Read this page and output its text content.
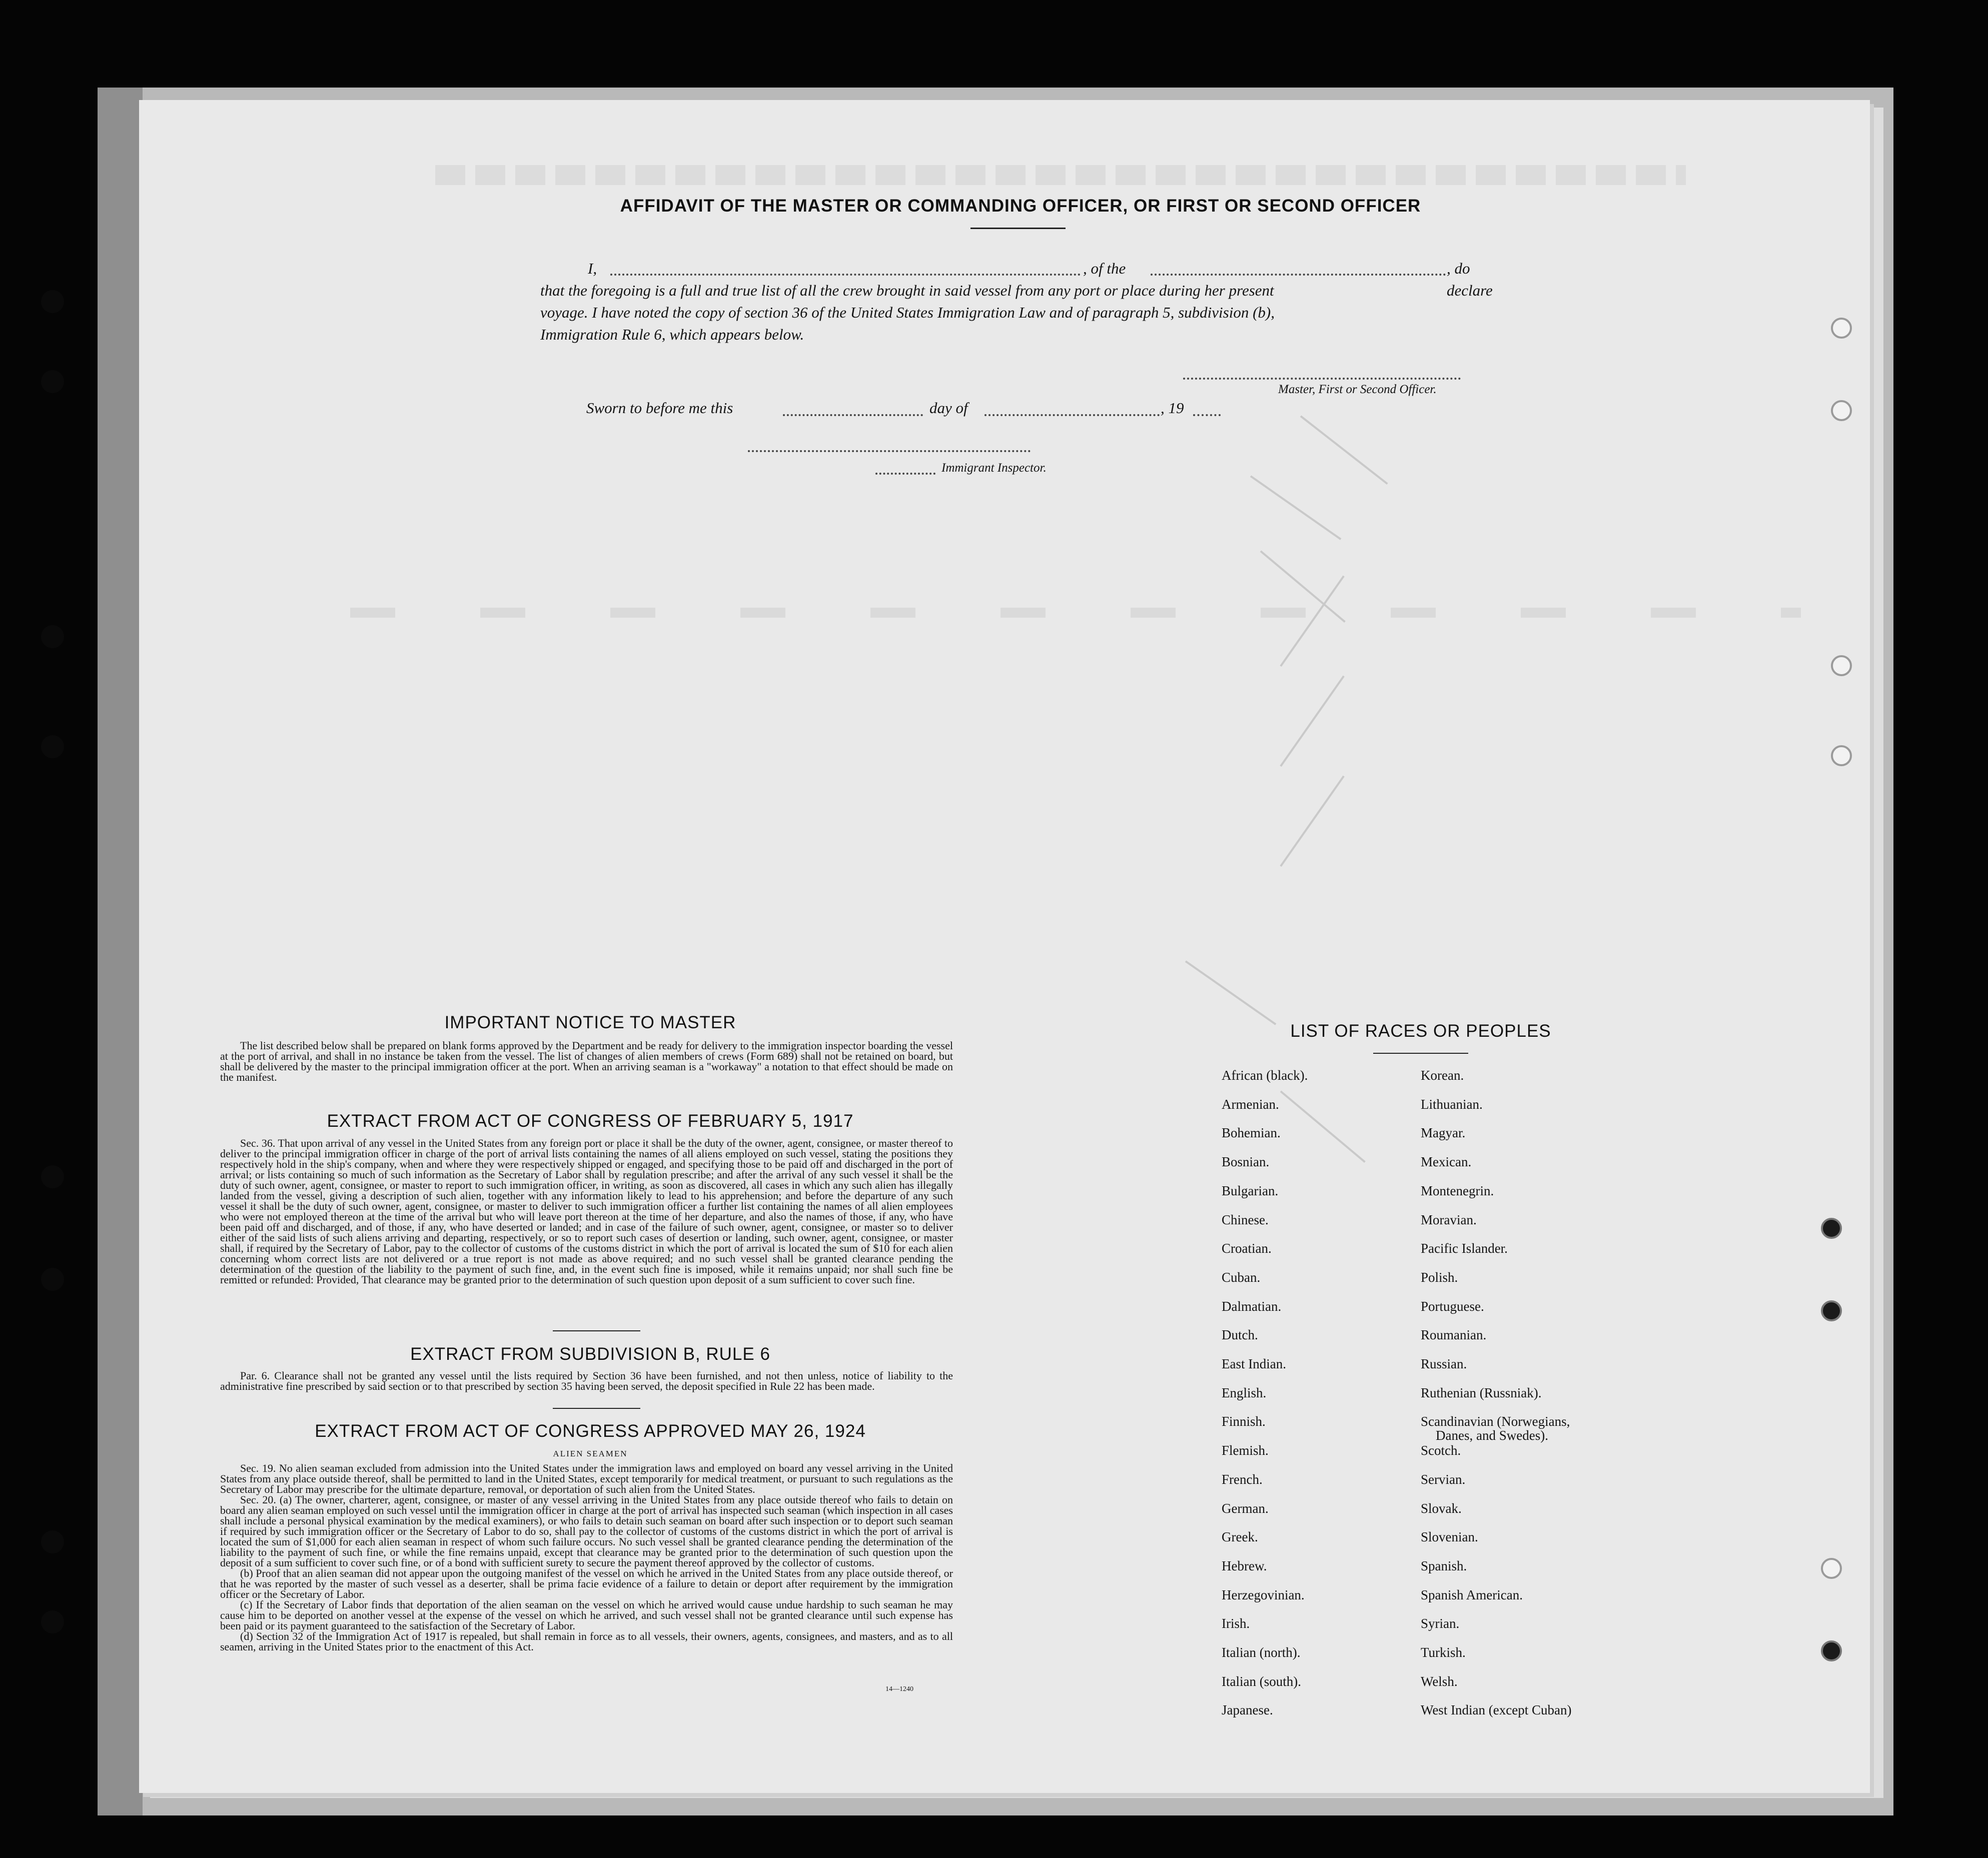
AFFIDAVIT OF THE MASTER OR COMMANDING OFFICER, OR FIRST OR SECOND OFFICER
I,	, of the	, do declare

that the foregoing is a full and true list of all the crew brought in said vessel from any port or place during her present

voyage. I have noted the copy of section 36 of the United States Immigration Law and of paragraph 5, subdivision (b),

Immigration Rule 6, which appears below.

Master, First or Second Officer.
Sworn to before me this	day of	, 19
Immigrant Inspector.
IMPORTANT NOTICE TO MASTER

The list described below shall be prepared on blank forms approved by the Department and be ready for delivery to the immigration inspector boarding the vessel at the port of arrival, and shall in no instance be taken from the vessel. The list of changes of alien members of crews (Form 689) shall not be retained on board, but shall be delivered by the master to the principal immigration officer at the port. When an arriving seaman is a "workaway" a notation to that effect should be made on the manifest.

EXTRACT FROM ACT OF CONGRESS OF FEBRUARY 5, 1917

Sec. 36. That upon arrival of any vessel in the United States from any foreign port or place it shall be the duty of the owner, agent, consignee, or master thereof to deliver to the principal immigration officer in charge of the port of arrival lists containing the names of all aliens employed on such vessel, stating the positions they respectively hold in the ship's company, when and where they were respectively shipped or engaged, and specifying those to be paid off and discharged in the port of arrival; or lists containing so much of such information as the Secretary of Labor shall by regulation prescribe; and after the arrival of any such vessel it shall be the duty of such owner, agent, consignee, or master to report to such immigration officer, in writing, as soon as discovered, all cases in which any such alien has illegally landed from the vessel, giving a description of such alien, together with any information likely to lead to his apprehension; and before the departure of any such vessel it shall be the duty of such owner, agent, consignee, or master to deliver to such immigration officer a further list containing the names of all alien employees who were not employed thereon at the time of the arrival but who will leave port thereon at the time of her departure, and also the names of those, if any, who have been paid off and discharged, and of those, if any, who have deserted or landed; and in case of the failure of such owner, agent, consignee, or master so to deliver either of the said lists of such aliens arriving and departing, respectively, or so to report such cases of desertion or landing, such owner, agent, consignee, or master shall, if required by the Secretary of Labor, pay to the collector of customs of the customs district in which the port of arrival is located the sum of $10 for each alien concerning whom correct lists are not delivered or a true report is not made as above required; and no such vessel shall be granted clearance pending the determination of the question of the liability to the payment of such fine, and, in the event such fine is imposed, while it remains unpaid; nor shall such fine be remitted or refunded: Provided, That clearance may be granted prior to the determination of such question upon deposit of a sum sufficient to cover such fine.

EXTRACT FROM SUBDIVISION B, RULE 6

Par. 6. Clearance shall not be granted any vessel until the lists required by Section 36 have been furnished, and not then unless, notice of liability to the administrative fine prescribed by said section or to that prescribed by section 35 having been served, the deposit specified in Rule 22 has been made.

EXTRACT FROM ACT OF CONGRESS APPROVED MAY 26, 1924
ALIEN SEAMEN

Sec. 19. No alien seaman excluded from admission into the United States under the immigration laws and employed on board any vessel arriving in the United States from any place outside thereof, shall be permitted to land in the United States, except temporarily for medical treatment, or pursuant to such regulations as the Secretary of Labor may prescribe for the ultimate departure, removal, or deportation of such alien from the United States.

Sec. 20. (a) The owner, charterer, agent, consignee, or master of any vessel arriving in the United States from any place outside thereof who fails to detain on board any alien seaman employed on such vessel until the immigration officer in charge at the port of arrival has inspected such seaman (which inspection in all cases shall include a personal physical examination by the medical examiners), or who fails to detain such seaman on board after such inspection or to deport such seaman if required by such immigration officer or the Secretary of Labor to do so, shall pay to the collector of customs of the customs district in which the port of arrival is located the sum of $1,000 for each alien seaman in respect of whom such failure occurs. No such vessel shall be granted clearance pending the determination of the liability to the payment of such fine, or while the fine remains unpaid, except that clearance may be granted prior to the determination of such question upon the deposit of a sum sufficient to cover such fine, or of a bond with sufficient surety to secure the payment thereof approved by the collector of customs.

(b) Proof that an alien seaman did not appear upon the outgoing manifest of the vessel on which he arrived in the United States from any place outside thereof, or that he was reported by the master of such vessel as a deserter, shall be prima facie evidence of a failure to detain or deport after requirement by the immigration officer or the Secretary of Labor.

(c) If the Secretary of Labor finds that deportation of the alien seaman on the vessel on which he arrived would cause undue hardship to such seaman he may cause him to be deported on another vessel at the expense of the vessel on which he arrived, and such vessel shall not be granted clearance until such expense has been paid or its payment guaranteed to the satisfaction of the Secretary of Labor.

(d) Section 32 of the Immigration Act of 1917 is repealed, but shall remain in force as to all vessels, their owners, agents, consignees, and masters, and as to all seamen, arriving in the United States prior to the enactment of this Act.

14—1240
LIST OF RACES OR PEOPLES
African (black).
Armenian.
Bohemian.
Bosnian.
Bulgarian.
Chinese.
Croatian.
Cuban.
Dalmatian.
Dutch.
East Indian.
English.
Finnish.
Flemish.
French.
German.
Greek.
Hebrew.
Herzegovinian.
Irish.
Italian (north).
Italian (south).
Japanese.
Korean.
Lithuanian.
Magyar.
Mexican.
Montenegrin.
Moravian.
Pacific Islander.
Polish.
Portuguese.
Roumanian.
Russian.
Ruthenian (Russniak).
Scandinavian (Norwegians,
Danes, and Swedes).
Scotch.
Servian.
Slovak.
Slovenian.
Spanish.
Spanish American.
Syrian.
Turkish.
Welsh.
West Indian (except Cuban)
